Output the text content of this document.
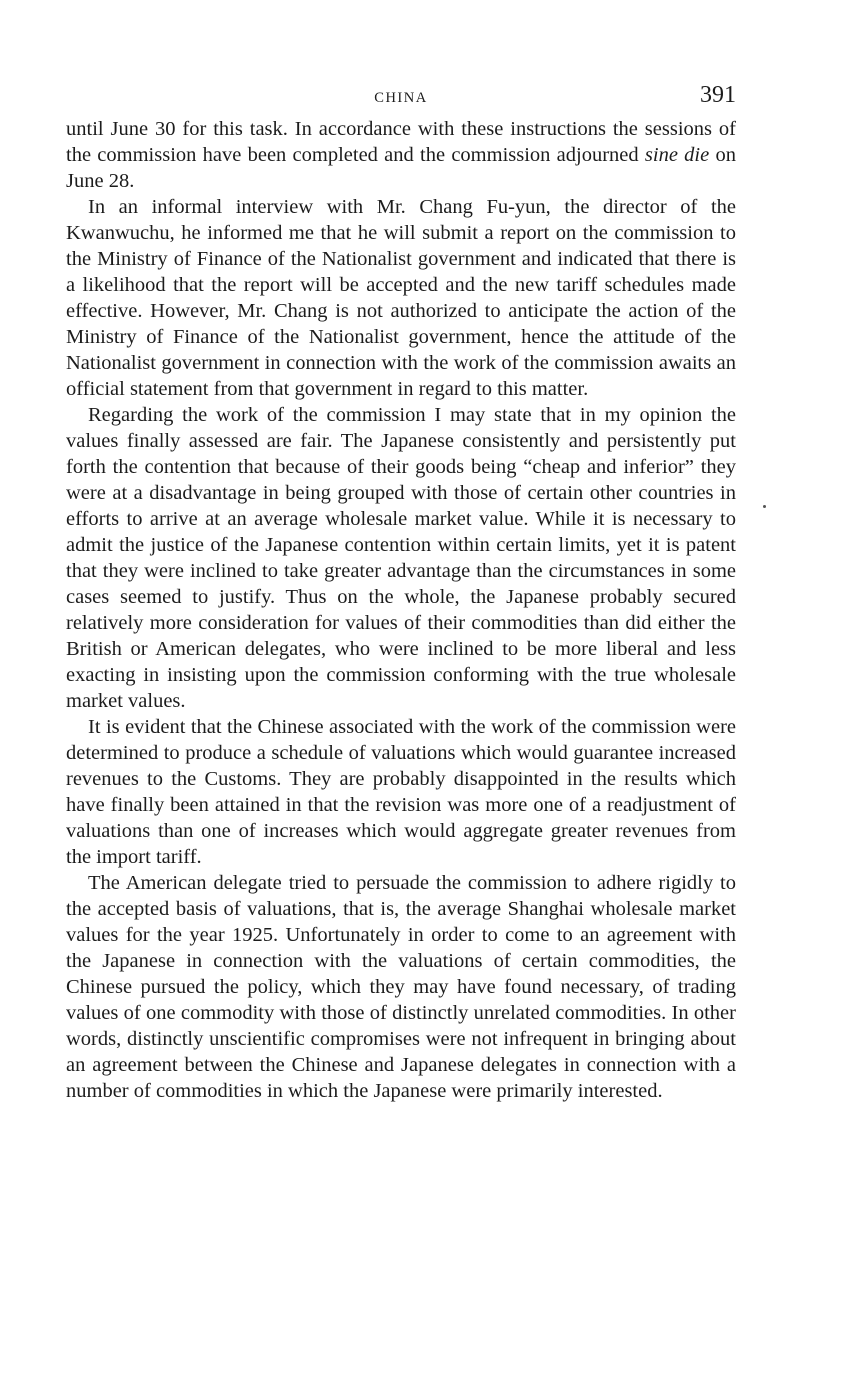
CHINA	391

until June 30 for this task. In accordance with these instructions the sessions of the commission have been completed and the commission adjourned sine die on June 28.

In an informal interview with Mr. Chang Fu-yun, the director of the Kwanwuchu, he informed me that he will submit a report on the commission to the Ministry of Finance of the Nationalist government and indicated that there is a likelihood that the report will be accepted and the new tariff schedules made effective. However, Mr. Chang is not authorized to anticipate the action of the Ministry of Finance of the Nationalist government, hence the attitude of the Nationalist government in connection with the work of the commission awaits an official statement from that government in regard to this matter.

Regarding the work of the commission I may state that in my opinion the values finally assessed are fair. The Japanese consistently and persistently put forth the contention that because of their goods being “cheap and inferior” they were at a disadvantage in being grouped with those of certain other countries in efforts to arrive at an average wholesale market value. While it is necessary to admit the justice of the Japanese contention within certain limits, yet it is patent that they were inclined to take greater advantage than the circumstances in some cases seemed to justify. Thus on the whole, the Japanese probably secured relatively more consideration for values of their commodities than did either the British or American delegates, who were inclined to be more liberal and less exacting in insisting upon the commission conforming with the true wholesale market values.

It is evident that the Chinese associated with the work of the commission were determined to produce a schedule of valuations which would guarantee increased revenues to the Customs. They are probably disappointed in the results which have finally been attained in that the revision was more one of a readjustment of valuations than one of increases which would aggregate greater revenues from the import tariff.

The American delegate tried to persuade the commission to adhere rigidly to the accepted basis of valuations, that is, the average Shanghai wholesale market values for the year 1925. Unfortunately in order to come to an agreement with the Japanese in connection with the valuations of certain commodities, the Chinese pursued the policy, which they may have found necessary, of trading values of one commodity with those of distinctly unrelated commodities. In other words, distinctly unscientific compromises were not infrequent in bringing about an agreement between the Chinese and Japanese delegates in connection with a number of commodities in which the Japanese were primarily interested.
